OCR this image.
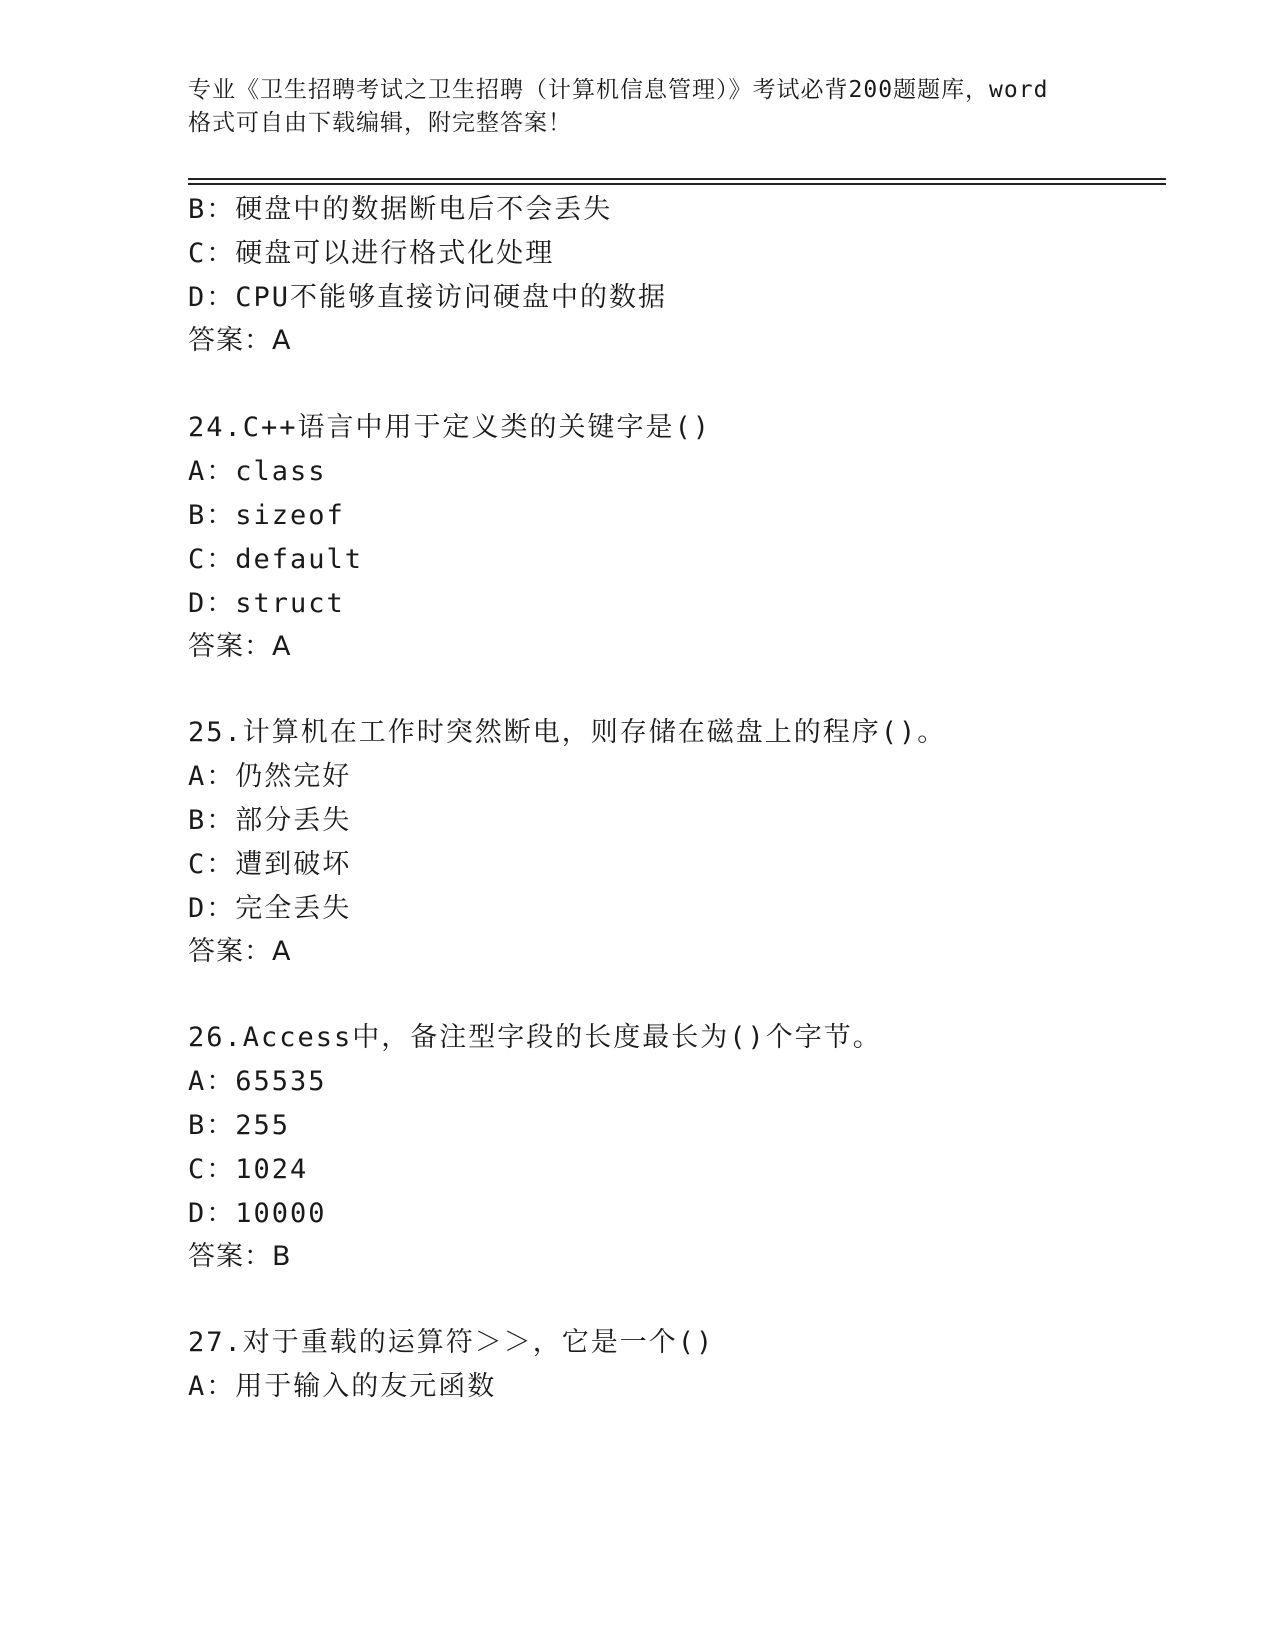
专业《卫生招聘考试之卫生招聘（计算机信息管理）》考试必背200题题库，word
格式可自由下载编辑，附完整答案！
B：硬盘中的数据断电后不会丢失
C：硬盘可以进行格式化处理
D：CPU不能够直接访问硬盘中的数据
答案：A
24.C++语言中用于定义类的关键字是()
A：class
B：sizeof
C：default
D：struct
答案：A
25.计算机在工作时突然断电，则存储在磁盘上的程序()。
A：仍然完好
B：部分丢失
C：遭到破坏
D：完全丢失
答案：A
26.Access中，备注型字段的长度最长为()个字节。
A：65535
B：255
C：1024
D：10000
答案：B
27.对于重载的运算符＞＞，它是一个()
A：用于输入的友元函数
